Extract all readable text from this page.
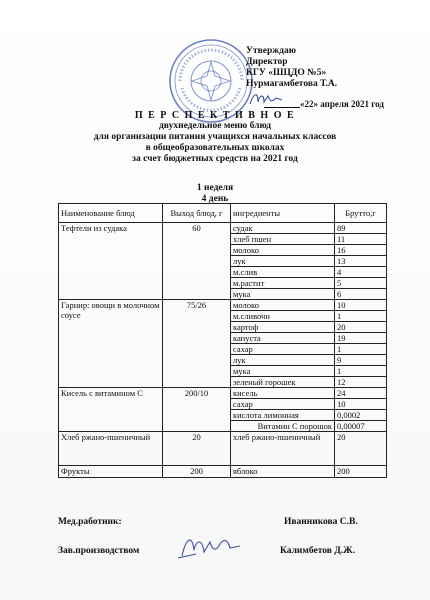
Утверждаю
Директор
КГУ «ШЦДО №5»
Нурмагамбетова Т.А.
«22» апреля 2021 год
П Е Р С П Е К Т И В Н О Е
двухнедельное меню блюд
для организации питания учащихся начальных классов
в общеобразовательных школах
за счет бюджетных средств на 2021 год
1 неделя
4 день
Наименование блюд	Выход блюд, г	ингредиенты	Брутто,г
Тефтели из судака	60	судак	89
		хлеб пшен	11
		молоко	16
		лук	13
		м.слив	4
		м.растит	5
		мука	6
Гарнир: овощи в молочном соусе	75/26	молоко	10
		м.сливочн	1
		картоф	20
		капуста	19
		сахар	1
		лук	9
		мука	1
		зеленый горошек	12
Кисель с витамином С	200/10	кисель	24
		сахар	10
		кислота лимонная	0,0002
		Витамин С порошок	0,00007
Хлеб ржано-пшеничный	20	хлеб ржано-пшеничный	20
Фрукты	200	яблоко	200
Мед.работник:	Иванникова С.В.
Зав.производством	Калимбетов Д.Ж.
